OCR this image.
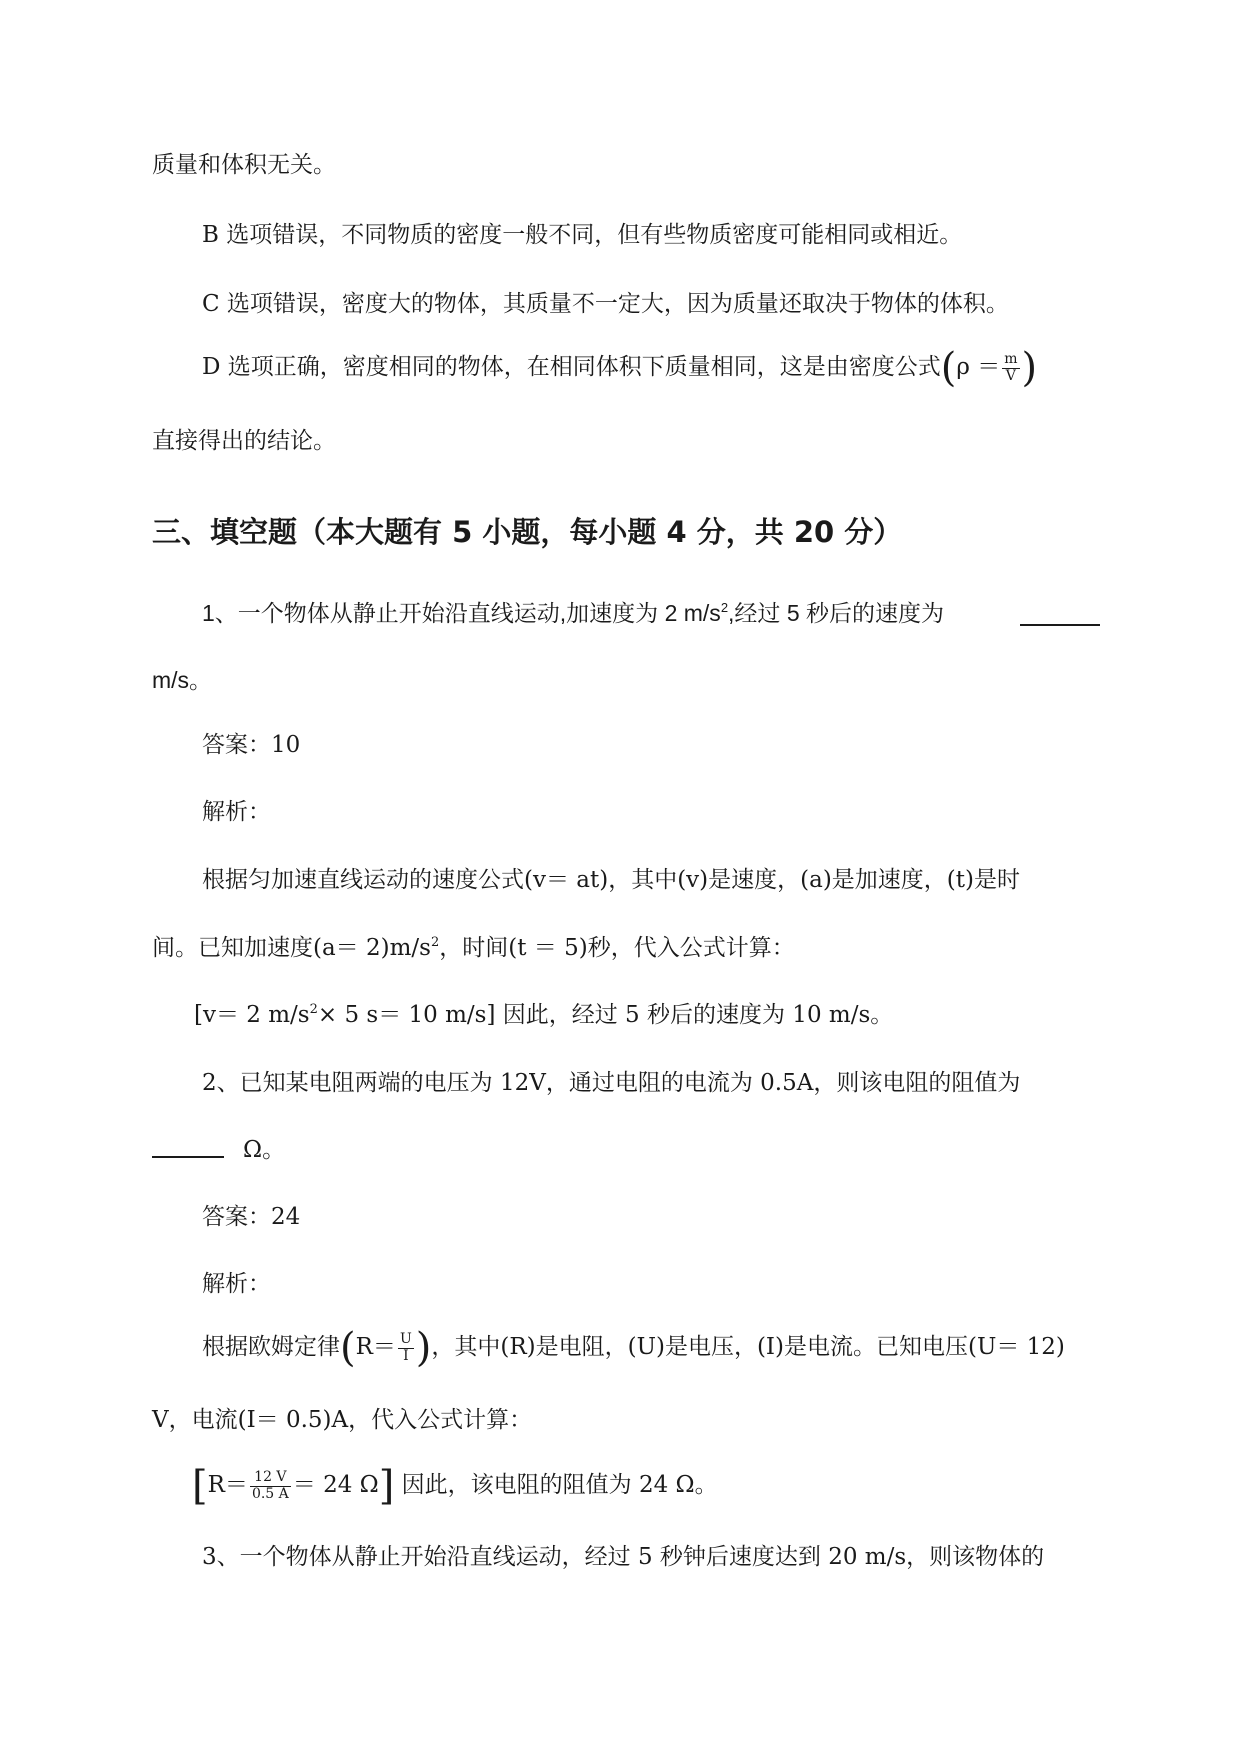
质量和体积无关。
B 选项错误，不同物质的密度一般不同，但有些物质密度可能相同或相近。
C 选项错误，密度大的物体，其质量不一定大，因为质量还取决于物体的体积。
D 选项正确，密度相同的物体，在相同体积下质量相同，这是由密度公式($\rho = \frac{m}{V}$ )
直接得出的结论。
三、填空题（本大题有 5 小题，每小题 4 分，共 20 分）
1、一个物体从静止开始沿直线运动,加速度为 2 $m/s^2$,经过 5 秒后的速度为
m/s。
答案：10
解析：
根据匀加速直线运动的速度公式(v＝ at)，其中(v)是速度，(a)是加速度，(t)是时
间。已知加速度$(a= 2)m/s^2$，时间(t ＝ 5)秒，代入公式计算：
[v＝ 2 $m/s^2\times 5$ s＝ 10 m/s] 因此，经过 5 秒后的速度为 10 m/s。
2、已知某电阻两端的电压为 12V，通过电阻的电流为 0.5A，则该电阻的阻值为
Ω。
答案：24
解析：
根据欧姆定律($R= \frac{U}{I}$ )，其中(R)是电阻，(U)是电压，(I)是电流。已知电压(U＝ 12)
V，电流(I＝ 0.5)A，代入公式计算：
[$R= \frac{12 V}{0.5 A} = 24$ Ω] 因此，该电阻的阻值为 24 Ω。
3、一个物体从静止开始沿直线运动，经过 5 秒钟后速度达到 20 m/s，则该物体的
